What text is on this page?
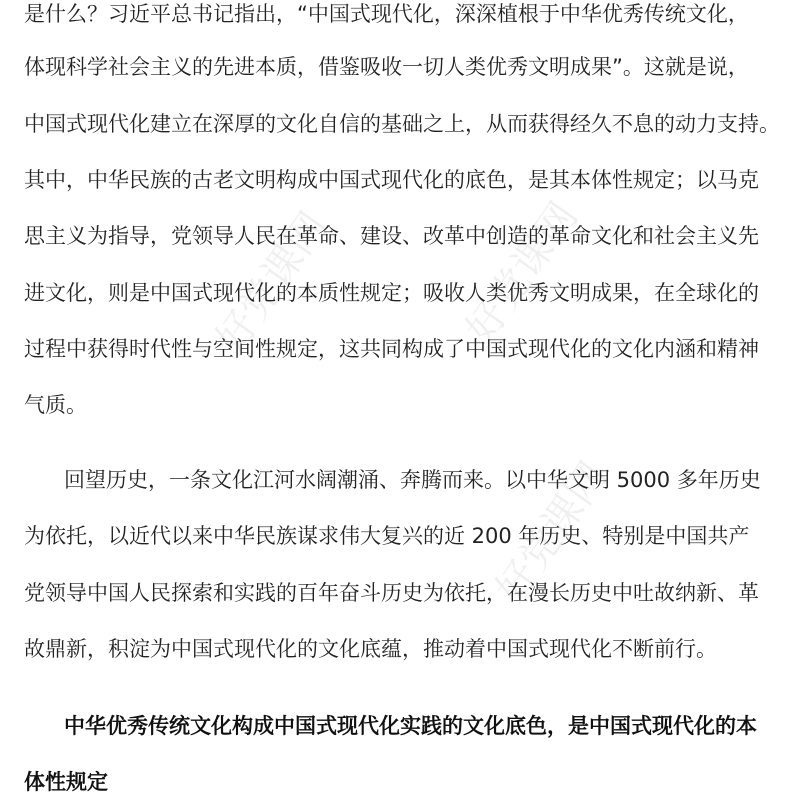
好党课网	好党课网
好党课网
是什么？习近平总书记指出，“中国式现代化，深深植根于中华优秀传统文化，
体现科学社会主义的先进本质，借鉴吸收一切人类优秀文明成果”。这就是说，
中国式现代化建立在深厚的文化自信的基础之上，从而获得经久不息的动力支持。
其中，中华民族的古老文明构成中国式现代化的底色，是其本体性规定；以马克
思主义为指导，党领导人民在革命、建设、改革中创造的革命文化和社会主义先
进文化，则是中国式现代化的本质性规定；吸收人类优秀文明成果，在全球化的
过程中获得时代性与空间性规定，这共同构成了中国式现代化的文化内涵和精神
气质。
回望历史，一条文化江河水阔潮涌、奔腾而来。以中华文明 5000 多年历史
为依托，以近代以来中华民族谋求伟大复兴的近 200 年历史、特别是中国共产
党领导中国人民探索和实践的百年奋斗历史为依托，在漫长历史中吐故纳新、革
故鼎新，积淀为中国式现代化的文化底蕴，推动着中国式现代化不断前行。
中华优秀传统文化构成中国式现代化实践的文化底色，是中国式现代化的本
体性规定
